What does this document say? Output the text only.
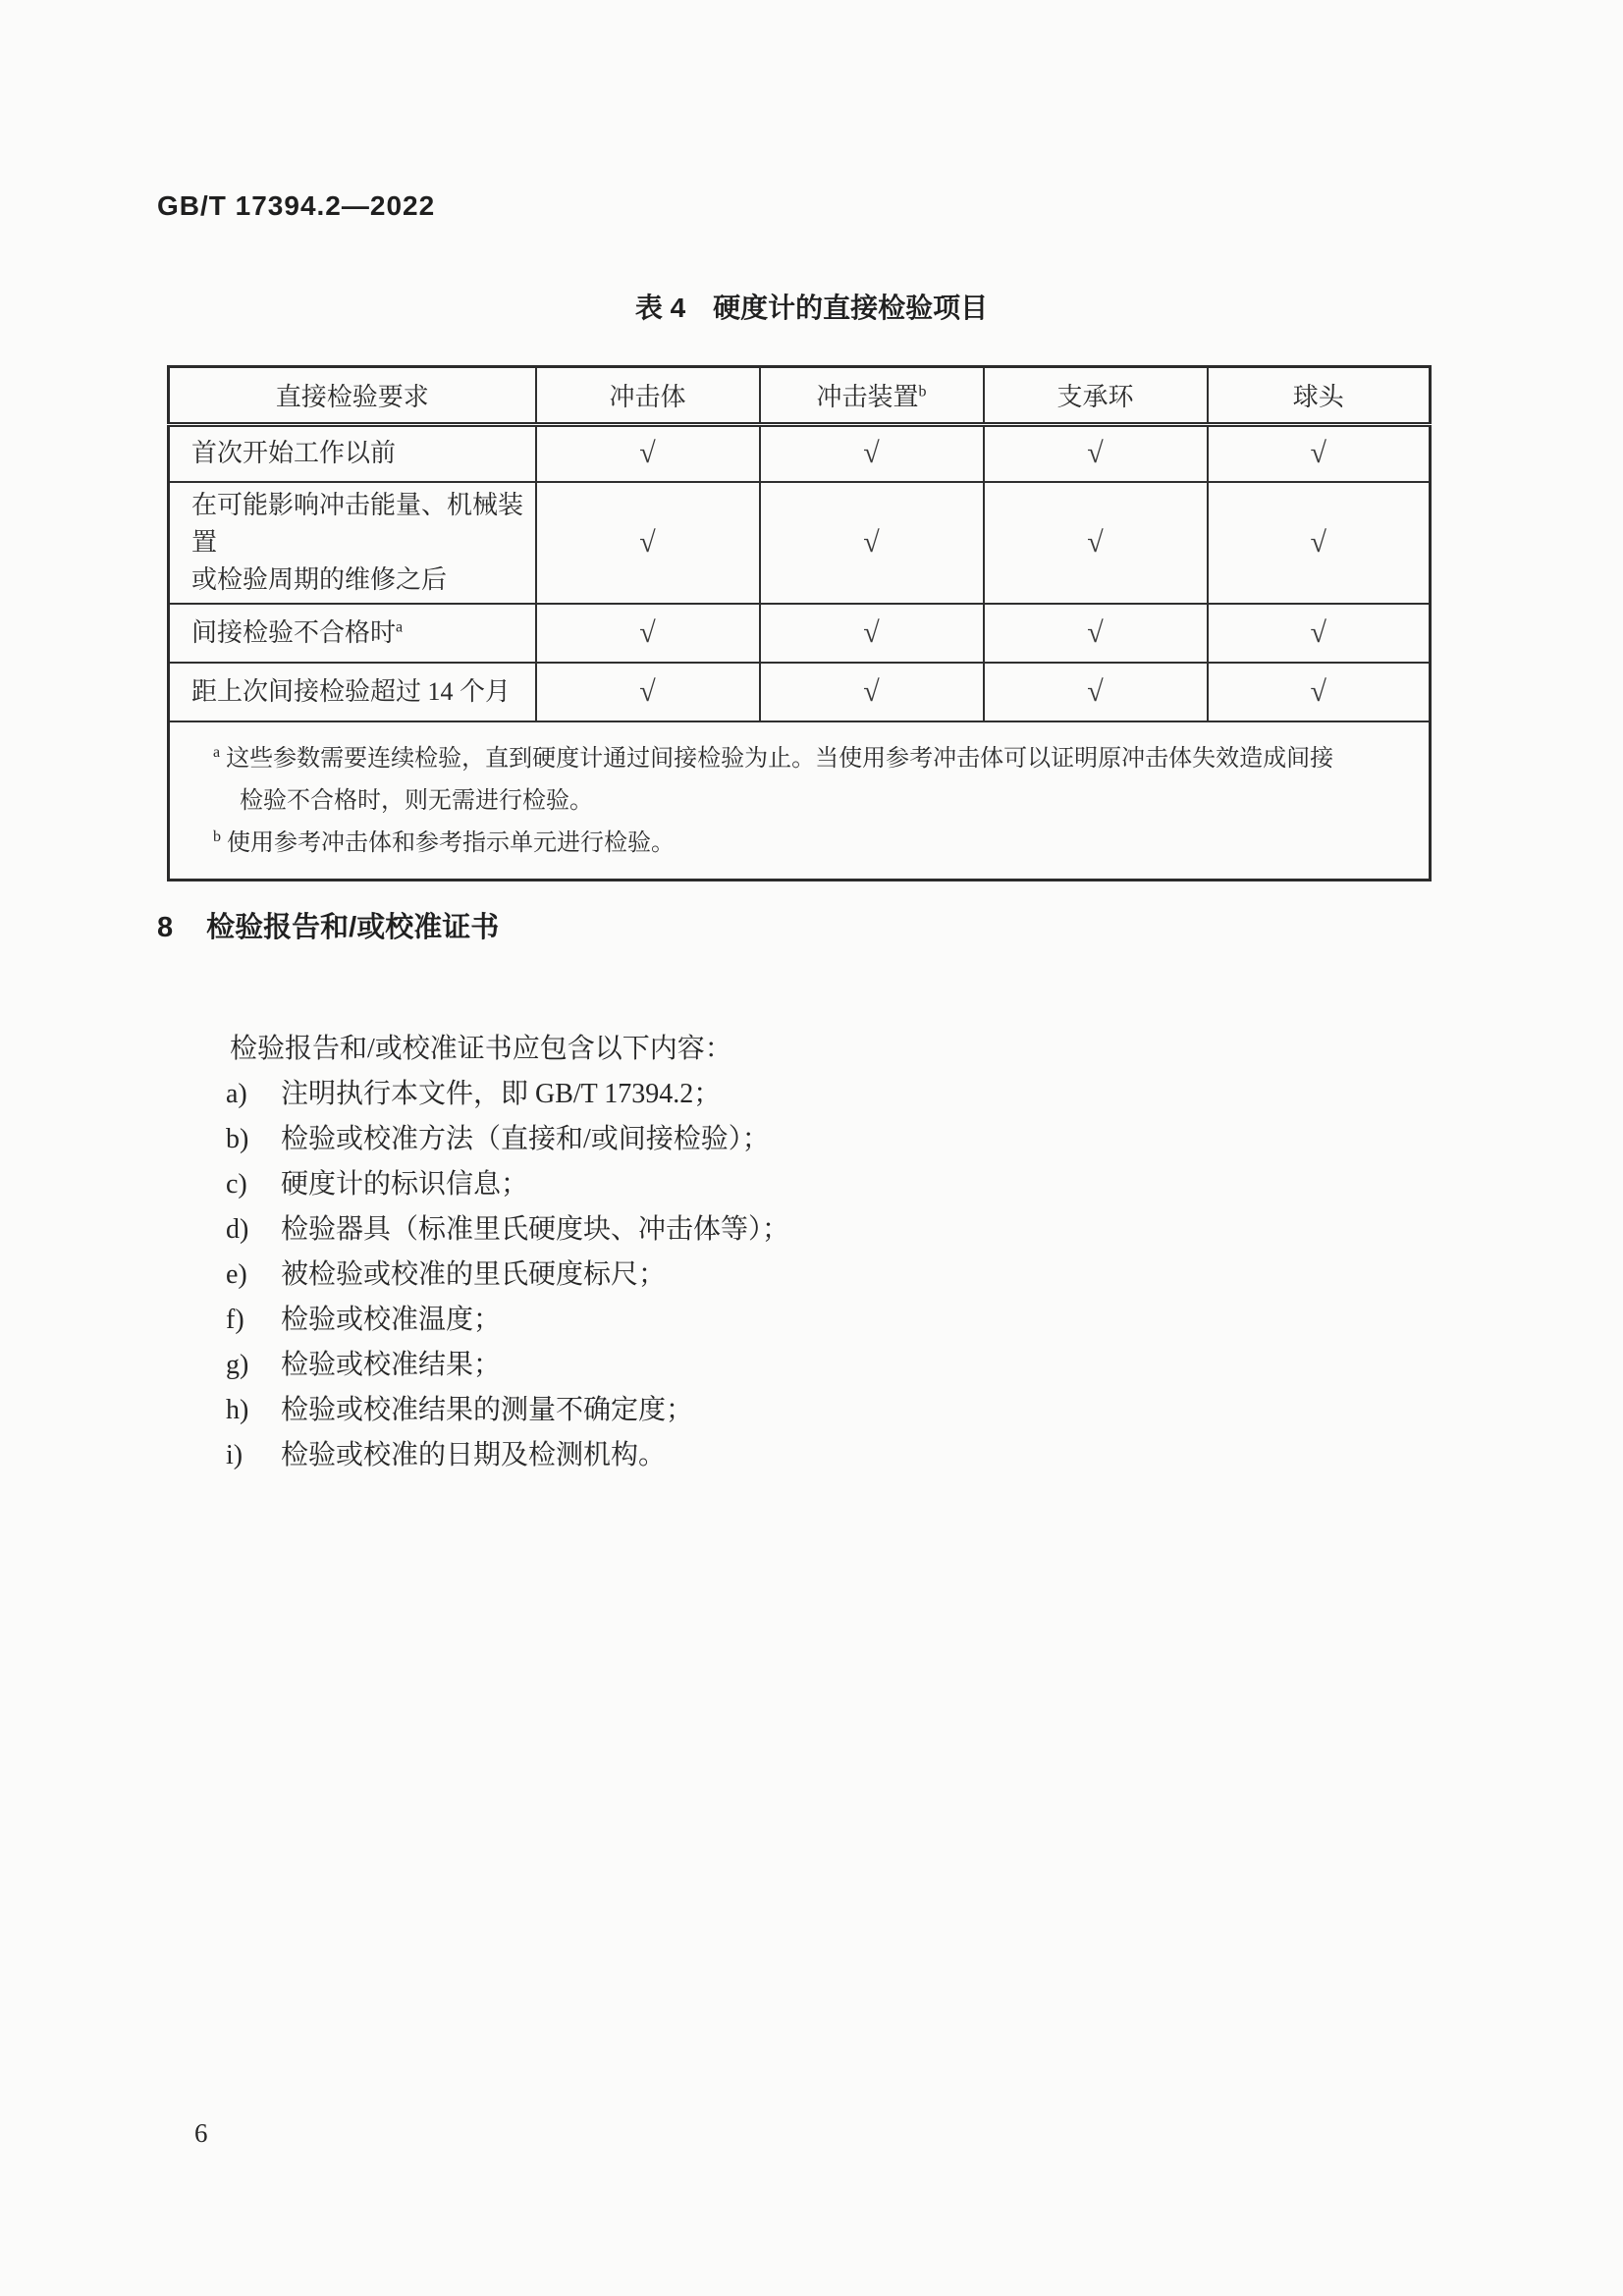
GB/T 17394.2—2022
表 4　硬度计的直接检验项目
直接检验要求	冲击体	冲击装置$^b$	支承环	球头
首次开始工作以前	√	√	√	√

在可能影响冲击能量、机械装置
或检验周期的维修之后	√	√	√	√
间接检验不合格时$^a$	√	√	√	√
距上次间接检验超过 14 个月	√	√	√	√

$^a$ 这些参数需要连续检验，直到硬度计通过间接检验为止。当使用参考冲击体可以证明原冲击体失效造成间接
检验不合格时，则无需进行检验。
$^b$ 使用参考冲击体和参考指示单元进行检验。				
8 检验报告和/或校准证书
检验报告和/或校准证书应包含以下内容：
a) 注明执行本文件，即 GB/T 17394.2；
b) 检验或校准方法（直接和/或间接检验）；
c) 硬度计的标识信息；
d) 检验器具（标准里氏硬度块、冲击体等）；
e) 被检验或校准的里氏硬度标尺；
f) 检验或校准温度；
g) 检验或校准结果；
h) 检验或校准结果的测量不确定度；
i) 检验或校准的日期及检测机构。
6
